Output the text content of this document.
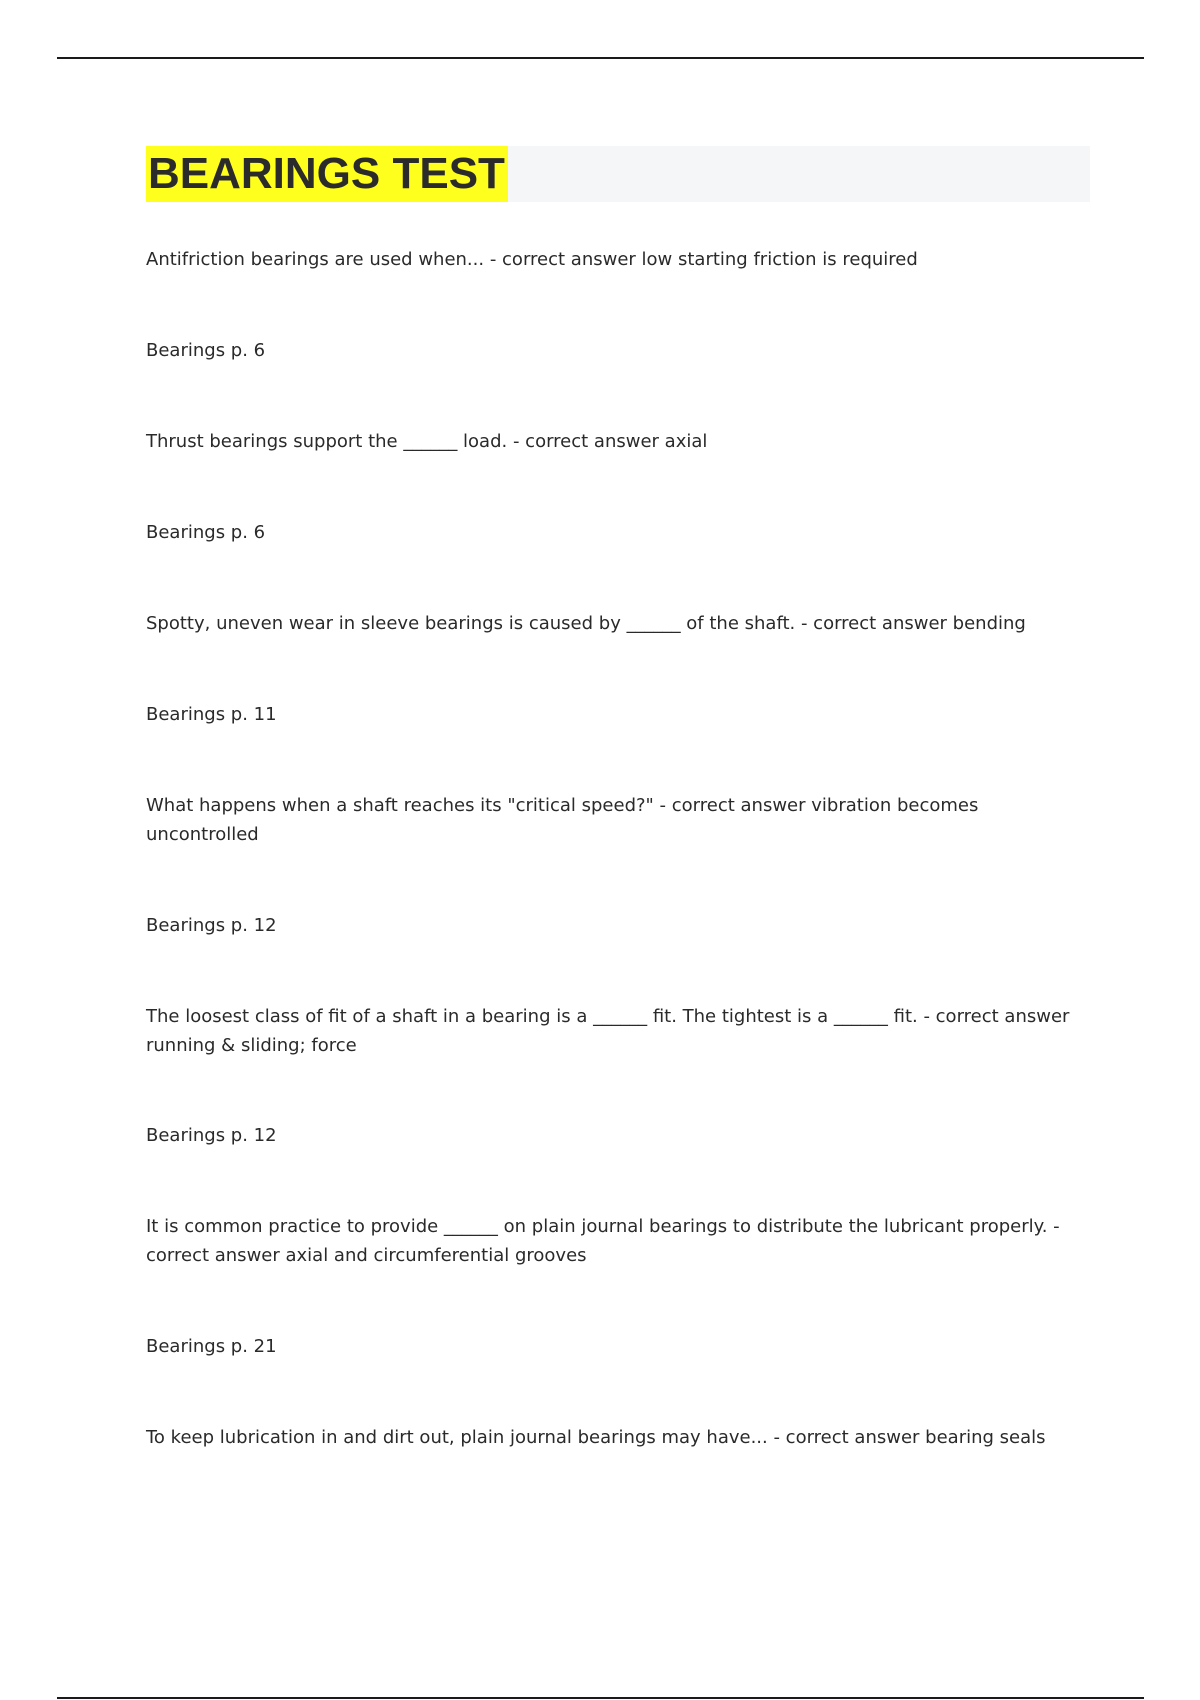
BEARINGS TEST

Antifriction bearings are used when... - correct answer low starting friction is required

Bearings p. 6

Thrust bearings support the ______ load. - correct answer axial

Bearings p. 6

Spotty, uneven wear in sleeve bearings is caused by ______ of the shaft. - correct answer bending

Bearings p. 11

What happens when a shaft reaches its "critical speed?" - correct answer vibration becomes uncontrolled

Bearings p. 12

The loosest class of fit of a shaft in a bearing is a ______ fit. The tightest is a ______ fit. - correct answer running & sliding; force

Bearings p. 12

It is common practice to provide ______ on plain journal bearings to distribute the lubricant properly. - correct answer axial and circumferential grooves

Bearings p. 21

To keep lubrication in and dirt out, plain journal bearings may have... - correct answer bearing seals
